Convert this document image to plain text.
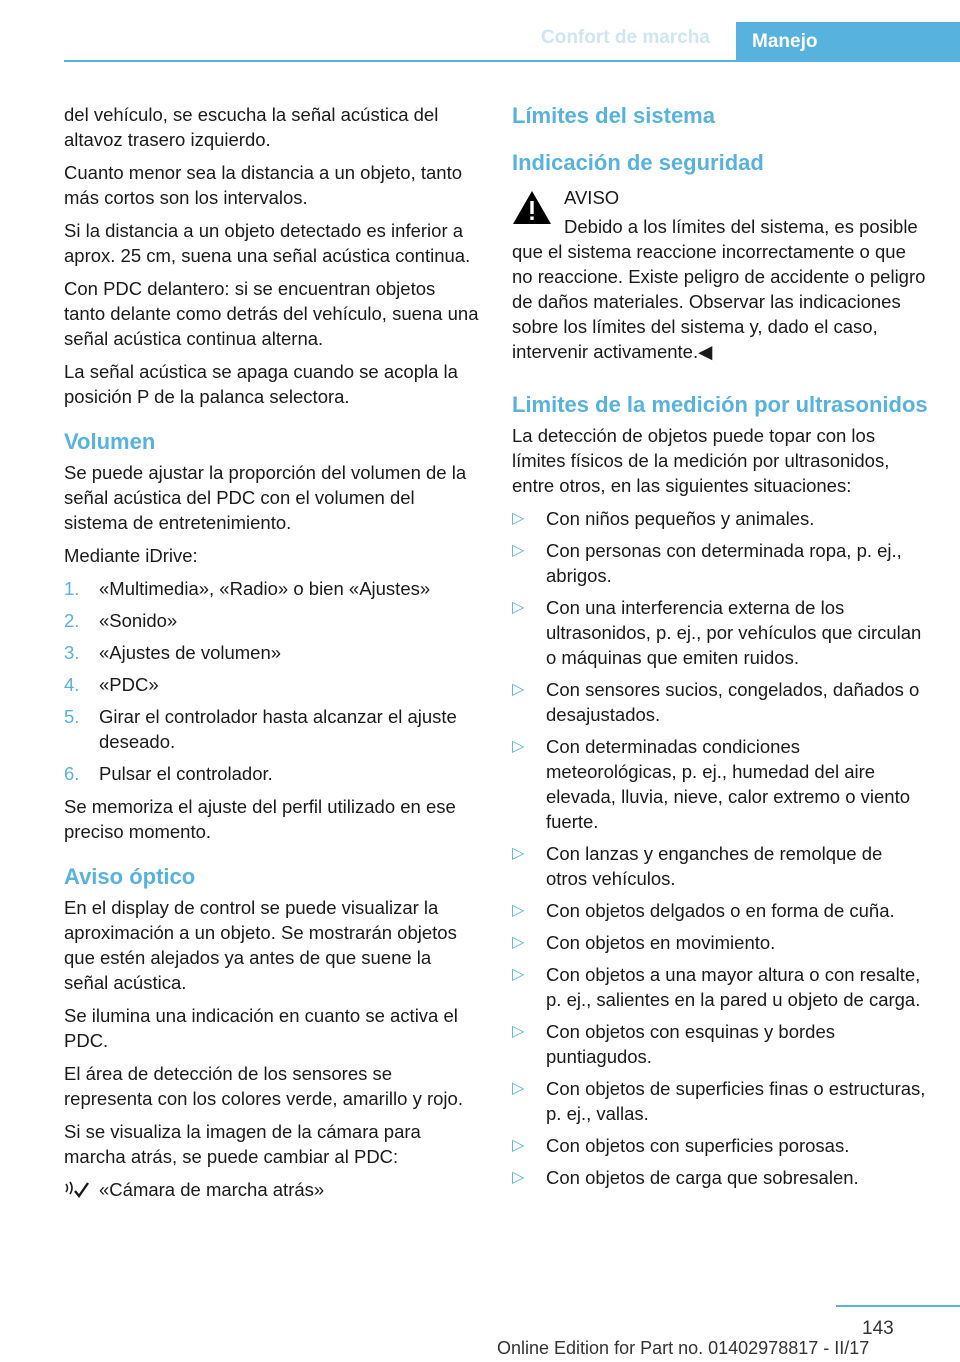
Confort de marcha	Manejo

del vehículo, se escucha la señal acústica del altavoz trasero izquierdo.

Cuanto menor sea la distancia a un objeto, tanto más cortos son los intervalos.

Si la distancia a un objeto detectado es inferior a aprox. 25 cm, suena una señal acústica continua.

Con PDC delantero: si se encuentran objetos tanto delante como detrás del vehículo, suena una señal acústica continua alterna.

La señal acústica se apaga cuando se acopla la posición P de la palanca selectora.

Volumen

Se puede ajustar la proporción del volumen de la señal acústica del PDC con el volumen del sistema de entretenimiento.

Mediante iDrive:

1. «Multimedia», «Radio» o bien «Ajustes»
2. «Sonido»
3. «Ajustes de volumen»
4. «PDC»
5. Girar el controlador hasta alcanzar el ajuste deseado.
6. Pulsar el controlador.

Se memoriza el ajuste del perfil utilizado en ese preciso momento.

Aviso óptico

En el display de control se puede visualizar la aproximación a un objeto. Se mostrarán objetos que estén alejados ya antes de que suene la señal acústica.

Se ilumina una indicación en cuanto se activa el PDC.

El área de detección de los sensores se representa con los colores verde, amarillo y rojo.

Si se visualiza la imagen de la cámara para marcha atrás, se puede cambiar al PDC:

«Cámara de marcha atrás»
Límites del sistema
Indicación de seguridad
AVISO
Debido a los límites del sistema, es posible que el sistema reaccione incorrectamente o que no reaccione. Existe peligro de accidente o peligro de daños materiales. Observar las indicaciones sobre los límites del sistema y, dado el caso, intervenir activamente.◀
Limites de la medición por ultrasonidos

La detección de objetos puede topar con los límites físicos de la medición por ultrasonidos, entre otros, en las siguientes situaciones:

▷ Con niños pequeños y animales.
▷ Con personas con determinada ropa, p. ej., abrigos.
▷ Con una interferencia externa de los ultrasonidos, p. ej., por vehículos que circulan o máquinas que emiten ruidos.
▷ Con sensores sucios, congelados, dañados o desajustados.
▷ Con determinadas condiciones meteorológicas, p. ej., humedad del aire elevada, lluvia, nieve, calor extremo o viento fuerte.
▷ Con lanzas y enganches de remolque de otros vehículos.
▷ Con objetos delgados o en forma de cuña.
▷ Con objetos en movimiento.
▷ Con objetos a una mayor altura o con resalte, p. ej., salientes en la pared u objeto de carga.
▷ Con objetos con esquinas y bordes puntiagudos.
▷ Con objetos de superficies finas o estructuras, p. ej., vallas.
▷ Con objetos con superficies porosas.
▷ Con objetos de carga que sobresalen.
143
Online Edition for Part no. 01402978817 - II/17
